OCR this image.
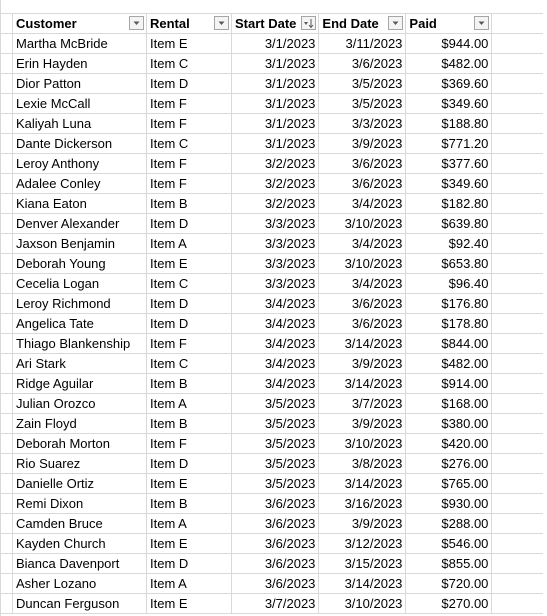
Customer	Rental	Start Date	End Date	Paid

Martha McBride	Item E	3/1/2023	3/11/2023	$944.00
Erin Hayden	Item C	3/1/2023	3/6/2023	$482.00
Dior Patton	Item D	3/1/2023	3/5/2023	$369.60
Lexie McCall	Item F	3/1/2023	3/5/2023	$349.60
Kaliyah Luna	Item F	3/1/2023	3/3/2023	$188.80
Dante Dickerson	Item C	3/1/2023	3/9/2023	$771.20
Leroy Anthony	Item F	3/2/2023	3/6/2023	$377.60
Adalee Conley	Item F	3/2/2023	3/6/2023	$349.60
Kiana Eaton	Item B	3/2/2023	3/4/2023	$182.80
Denver Alexander	Item D	3/3/2023	3/10/2023	$639.80
Jaxson Benjamin	Item A	3/3/2023	3/4/2023	$92.40
Deborah Young	Item E	3/3/2023	3/10/2023	$653.80
Cecelia Logan	Item C	3/3/2023	3/4/2023	$96.40
Leroy Richmond	Item D	3/4/2023	3/6/2023	$176.80
Angelica Tate	Item D	3/4/2023	3/6/2023	$178.80
Thiago Blankenship	Item F	3/4/2023	3/14/2023	$844.00
Ari Stark	Item C	3/4/2023	3/9/2023	$482.00
Ridge Aguilar	Item B	3/4/2023	3/14/2023	$914.00
Julian Orozco	Item A	3/5/2023	3/7/2023	$168.00
Zain Floyd	Item B	3/5/2023	3/9/2023	$380.00
Deborah Morton	Item F	3/5/2023	3/10/2023	$420.00
Rio Suarez	Item D	3/5/2023	3/8/2023	$276.00
Danielle Ortiz	Item E	3/5/2023	3/14/2023	$765.00
Remi Dixon	Item B	3/6/2023	3/16/2023	$930.00
Camden Bruce	Item A	3/6/2023	3/9/2023	$288.00
Kayden Church	Item E	3/6/2023	3/12/2023	$546.00
Bianca Davenport	Item D	3/6/2023	3/15/2023	$855.00
Asher Lozano	Item A	3/6/2023	3/14/2023	$720.00
Duncan Ferguson	Item E	3/7/2023	3/10/2023	$270.00
